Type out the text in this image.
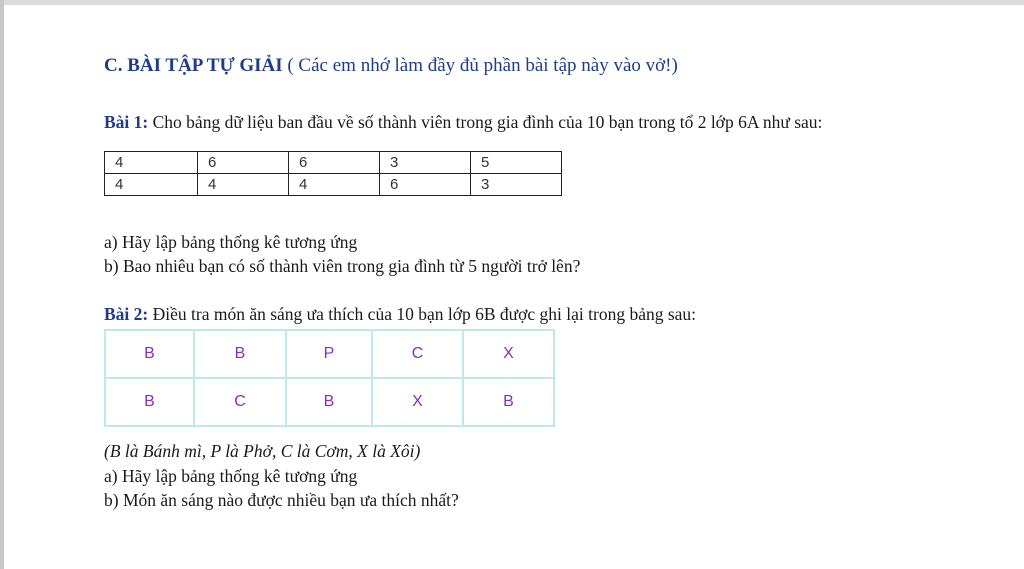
C. BÀI TẬP TỰ GIẢI ( Các em nhớ làm đầy đủ phần bài tập này vào vở!)
Bài 1: Cho bảng dữ liệu ban đầu về số thành viên trong gia đình của 10 bạn trong tổ 2 lớp 6A như sau:
4	6	6	3	5
4	4	4	6	3
a) Hãy lập bảng thống kê tương ứng
b) Bao nhiêu bạn có số thành viên trong gia đình từ 5 người trở lên?
Bài 2: Điều tra món ăn sáng ưa thích của 10 bạn lớp 6B được ghi lại trong bảng sau:
B	B	P	C	X
B	C	B	X	B
(B là Bánh mì, P là Phở, C là Cơm, X là Xôi)
a) Hãy lập bảng thống kê tương ứng
b) Món ăn sáng nào được nhiều bạn ưa thích nhất?
